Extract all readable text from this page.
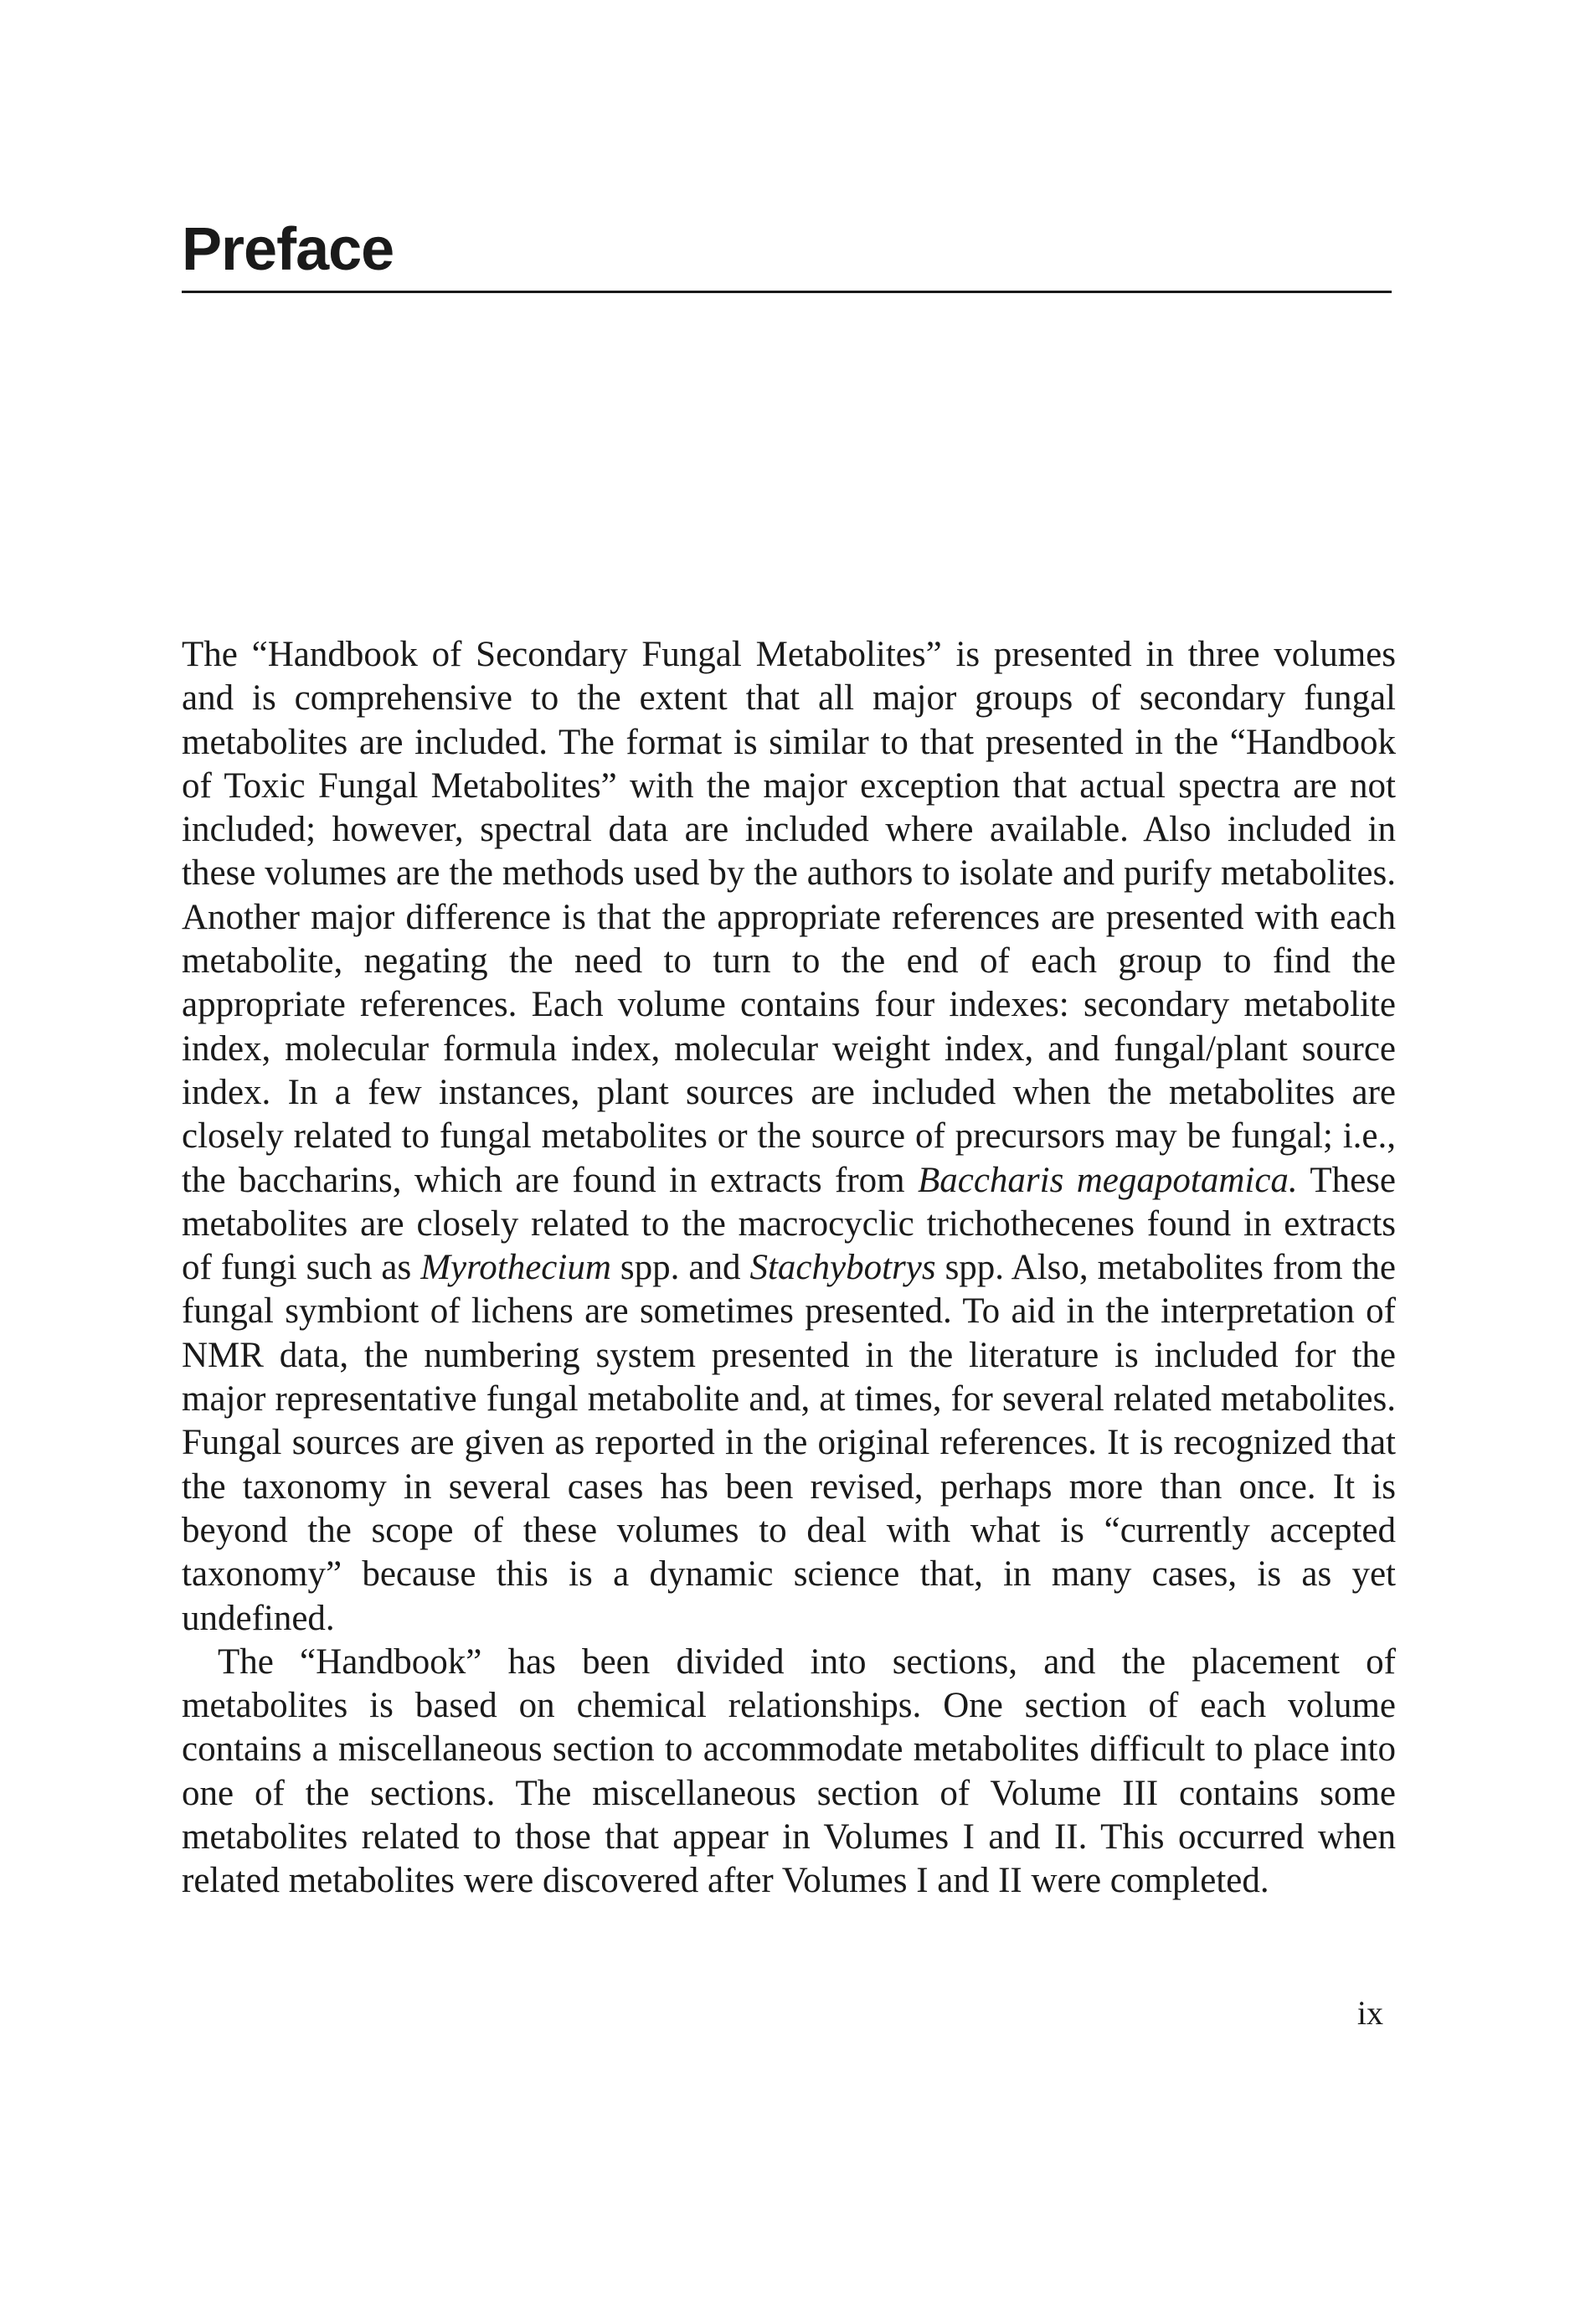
Preface

The “Handbook of Secondary Fungal Metabolites” is presented in three volumes and is comprehensive to the extent that all major groups of secondary fungal metabolites are included. The format is similar to that presented in the “Handbook of Toxic Fungal Metabolites” with the major exception that actual spectra are not included; however, spectral data are included where available. Also included in these volumes are the methods used by the authors to isolate and purify metabolites. Another major difference is that the appropriate references are presented with each metabolite, negating the need to turn to the end of each group to find the appropriate references. Each volume contains four indexes: secondary metabolite index, molecular formula index, molecular weight index, and fungal/plant source index. In a few instances, plant sources are included when the metabolites are closely related to fungal metabolites or the source of precursors may be fungal; i.e., the baccharins, which are found in extracts from Baccharis megapotamica. These metabolites are closely related to the macrocyclic trichothecenes found in extracts of fungi such as Myrothecium spp. and Stachybotrys spp. Also, metabolites from the fungal symbiont of lichens are sometimes presented. To aid in the interpretation of NMR data, the numbering system presented in the literature is included for the major representative fungal metabolite and, at times, for several related metabolites. Fungal sources are given as reported in the original references. It is recognized that the taxonomy in several cases has been revised, perhaps more than once. It is beyond the scope of these volumes to deal with what is “currently accepted taxonomy” because this is a dynamic science that, in many cases, is as yet undefined.

The “Handbook” has been divided into sections, and the placement of metabolites is based on chemical relationships. One section of each volume contains a miscellaneous section to accommodate metabolites difficult to place into one of the sections. The miscellaneous section of Volume III contains some metabolites related to those that appear in Volumes I and II. This occurred when related metabolites were discovered after Volumes I and II were completed.

ix
